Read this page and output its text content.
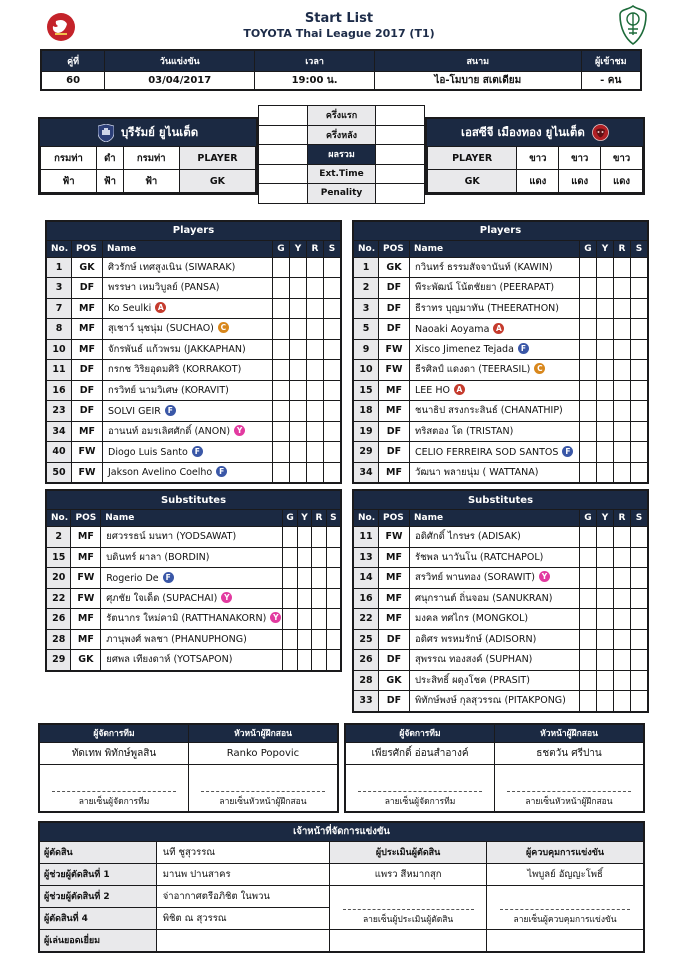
Start List
TOYOTA Thai League 2017 (T1)
คู่ที่	วันแข่งขัน	เวลา	สนาม	ผู้เข้าชม
60	03/04/2017	19:00 น.	ไอ-โมบาย สเตเดียม	- คน
บุรีรัมย์ ยูไนเต็ด
กรมท่า	ดำ	กรมท่า	PLAYER
ฟ้า	ฟ้า	ฟ้า	GK
	ครึ่งแรก	
	ครึ่งหลัง	
	ผลรวม	
	Ext.Time	
	Penality	
เอสซีจี เมืองทอง ยูไนเต็ด
PLAYER	ขาว	ขาว	ขาว
GK	แดง	แดง	แดง
Players						
No.	POS	Name	G	Y	R	S
1	GK	ศิวรักษ์ เทศสูงเนิน (SIWARAK)				
3	DF	พรรษา เหมวิบูลย์ (PANSA)				
7	MF	Ko Seulki A				
8	MF	สุเชาว์ นุชนุ่ม (SUCHAO) C				
10	MF	จักรพันธ์ แก้วพรม (JAKKAPHAN)				
11	DF	กรกช วิริยอุดมศิริ (KORRAKOT)				
16	DF	กรวิทย์ นามวิเศษ (KORAVIT)				
23	DF	SOLVI GEIR F				
34	MF	อานนท์ อมรเลิศศักดิ์ (ANON) Y				
40	FW	Diogo Luis Santo F				
50	FW	Jakson Avelino Coelho F				
Substitutes						
No.	POS	Name	G	Y	R	S
2	MF	ยศวรรธน์ มนทา (YODSAWAT)				
15	MF	บดินทร์ ผาลา (BORDIN)				
20	FW	Rogerio De F				
22	FW	ศุภชัย ใจเด็ด (SUPACHAI) Y				
26	MF	รัตนากร ใหม่คามิ (RATTHANAKORN) Y				
28	MF	ภานุพงศ์ พลชา (PHANUPHONG)				
29	GK	ยศพล เทียงดาห์ (YOTSAPON)				
Players						
No.	POS	Name	G	Y	R	S
1	GK	กวินทร์ ธรรมสัจจานันท์ (KAWIN)				
2	DF	พีระพัฒน์ โน้ตชัยยา (PEERAPAT)				
3	DF	ธีราทร บุญมาทัน (THEERATHON)				
5	DF	Naoaki Aoyama A				
9	FW	Xisco Jimenez Tejada F				
10	FW	ธีรศิลป์ แดงดา (TEERASIL) C				
15	MF	LEE HO A				
18	MF	ชนาธิป สรงกระสินธ์ (CHANATHIP)				
19	DF	ทริสตอง โด (TRISTAN)				
29	DF	CELIO FERREIRA SOD SANTOS F				
34	MF	วัฒนา พลายนุ่ม ( WATTANA)				
Substitutes						
No.	POS	Name	G	Y	R	S
11	FW	อดิศักดิ์ ไกรษร (ADISAK)				
13	MF	รัชพล นาวันโน (RATCHAPOL)				
14	MF	สรวิทย์ พานทอง (SORAWIT) Y				
16	MF	ศนุกรานต์ ถิ่นจอม (SANUKRAN)				
22	MF	มงคล ทศไกร (MONGKOL)				
25	DF	อดิศร พรหมรักษ์ (ADISORN)				
26	DF	สุพรรณ ทองสงค์ (SUPHAN)				
28	GK	ประสิทธิ์ ผดุงโชค (PRASIT)				
33	DF	พิทักษ์พงษ์ กุลสุวรรณ (PITAKPONG)				
ผู้จัดการทีม	หัวหน้าผู้ฝึกสอน
ทัดเทพ พิทักษ์พูลสิน	Ranko Popovic

ลายเซ็นผู้จัดการทีม	ลายเซ็นหัวหน้าผู้ฝึกสอน
ผู้จัดการทีม	หัวหน้าผู้ฝึกสอน
เพียรศักดิ์ อ่อนสำอางค์	ธชตวัน ศรีปาน

ลายเซ็นผู้จัดการทีม	ลายเซ็นหัวหน้าผู้ฝึกสอน
เจ้าหน้าที่จัดการแข่งขัน			
ผู้ตัดสิน	นที ชูสุวรรณ	ผู้ประเมินผู้ตัดสิน	ผู้ควบคุมการแข่งขัน
ผู้ช่วยผู้ตัดสินที่ 1	มานพ ปานสาคร	แพรว สีหมากสุก	ไพบูลย์ อัญญะโพธิ์
ผู้ช่วยผู้ตัดสินที่ 2	จ่าอากาศตรีอภิชิต ในพวน	ลายเซ็นผู้ประเมินผู้ตัดสิน	ลายเซ็นผู้ควบคุมการแข่งขัน
ผู้ตัดสินที่ 4	พิชิต ณ สุวรรณ		
ผู้เล่นยอดเยี่ยม			
